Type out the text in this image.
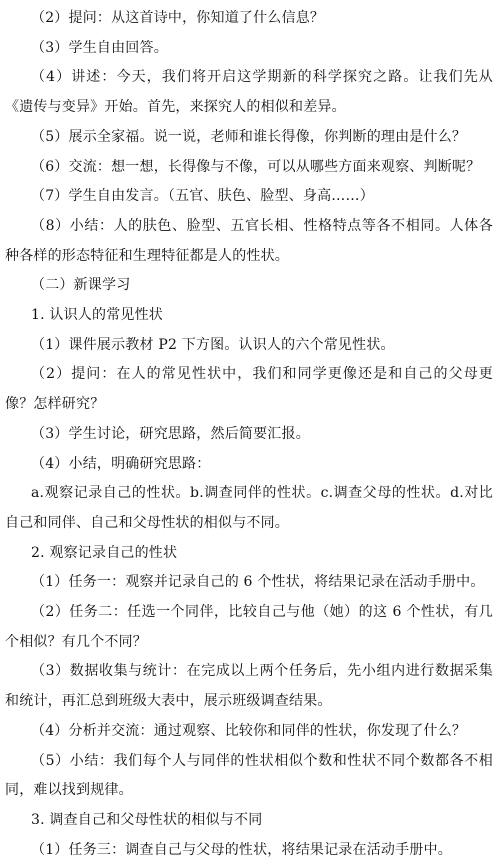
（2）提问：从这首诗中，你知道了什么信息？

（3）学生自由回答。

（4）讲述：今天，我们将开启这学期新的科学探究之路。让我们先从《遗传与变异》开始。首先，来探究人的相似和差异。

（5）展示全家福。说一说，老师和谁长得像，你判断的理由是什么？

（6）交流：想一想，长得像与不像，可以从哪些方面来观察、判断呢？

（7）学生自由发言。（五官、肤色、脸型、身高……）

（8）小结：人的肤色、脸型、五官长相、性格特点等各不相同。人体各种各样的形态特征和生理特征都是人的性状。

（二）新课学习

1. 认识人的常见性状

（1）课件展示教材 P2 下方图。认识人的六个常见性状。

（2）提问：在人的常见性状中，我们和同学更像还是和自己的父母更像？怎样研究？

（3）学生讨论，研究思路，然后简要汇报。

（4）小结，明确研究思路：

a.观察记录自己的性状。b.调查同伴的性状。c.调查父母的性状。d.对比自己和同伴、自己和父母性状的相似与不同。

2. 观察记录自己的性状

（1）任务一：观察并记录自己的 6 个性状，将结果记录在活动手册中。

（2）任务二：任选一个同伴，比较自己与他（她）的这 6 个性状，有几个相似？有几个不同？

（3）数据收集与统计：在完成以上两个任务后，先小组内进行数据采集和统计，再汇总到班级大表中，展示班级调查结果。

（4）分析并交流：通过观察、比较你和同伴的性状，你发现了什么？

（5）小结：我们每个人与同伴的性状相似个数和性状不同个数都各不相同，难以找到规律。

3. 调查自己和父母性状的相似与不同

（1）任务三：调查自己与父母的性状，将结果记录在活动手册中。
